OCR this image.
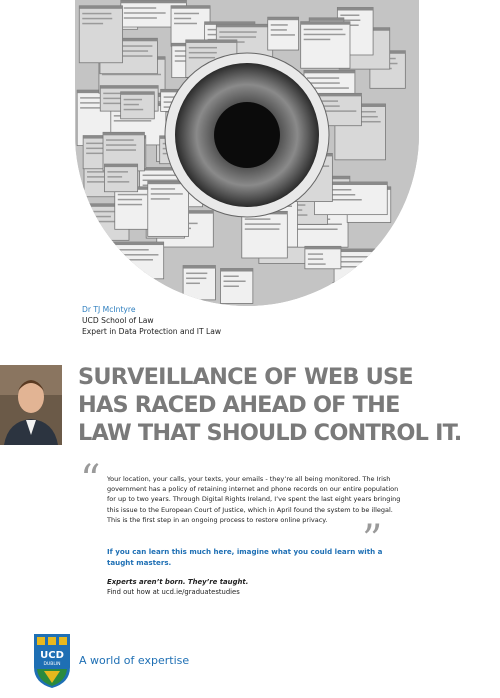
Dr TJ McIntyre
UCD School of Law
Expert in Data Protection and IT Law
SURVEILLANCE OF WEB USE
HAS RACED AHEAD OF THE
LAW THAT SHOULD CONTROL IT.
“ Your location, your calls, your texts, your emails - they’re all being monitored. The Irish government has a policy of retaining internet and phone records on our entire population for up to two years. Through Digital Rights Ireland, I’ve spent the last eight years bringing this issue to the European Court of Justice, which in April found the system to be illegal. This is the first step in an ongoing process to restore online privacy. ”
If you can learn this much here, imagine what you could learn with a taught masters.
Experts aren’t born. They’re taught.
Find out how at ucd.ie/graduatestudies
UCD
DUBLIN A world of expertise
